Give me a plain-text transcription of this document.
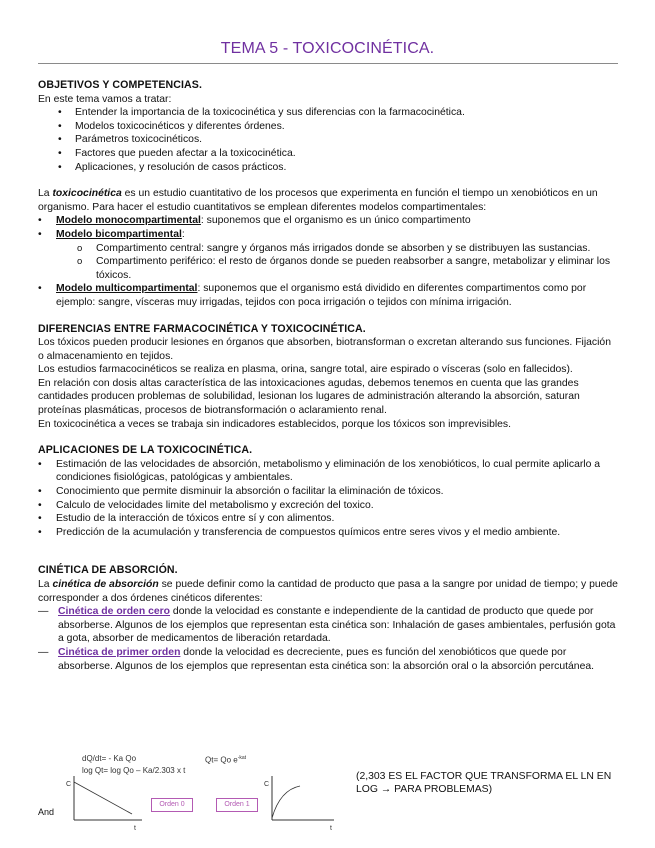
TEMA 5 - TOXICOCINÉTICA.
OBJETIVOS Y COMPETENCIAS.
En este tema vamos a tratar:
• Entender la importancia de la toxicocinética y sus diferencias con la farmacocinética.
• Modelos toxicocinéticos y diferentes órdenes.
• Parámetros toxicocinéticos.
• Factores que pueden afectar a la toxicocinética.
• Aplicaciones, y resolución de casos prácticos.
La toxicocinética es un estudio cuantitativo de los procesos que experimenta en función el tiempo un xenobióticos en un organismo. Para hacer el estudio cuantitativos se emplean diferentes modelos compartimentales:
• Modelo monocompartimental: suponemos que el organismo es un único compartimento
• Modelo bicompartimental:
o Compartimento central: sangre y órganos más irrigados donde se absorben y se distribuyen las sustancias.
o Compartimento periférico: el resto de órganos donde se pueden reabsorber a sangre, metabolizar y eliminar los tóxicos.
• Modelo multicompartimental: suponemos que el organismo está dividido en diferentes compartimentos como por ejemplo: sangre, vísceras muy irrigadas, tejidos con poca irrigación o tejidos con mínima irrigación.
DIFERENCIAS ENTRE FARMACOCINÉTICA Y TOXICOCINÉTICA.
Los tóxicos pueden producir lesiones en órganos que absorben, biotransforman o excretan alterando sus funciones. Fijación o almacenamiento en tejidos.
Los estudios farmacocinéticos se realiza en plasma, orina, sangre total, aire espirado o vísceras (solo en fallecidos).
En relación con dosis altas característica de las intoxicaciones agudas, debemos tenemos en cuenta que las grandes cantidades producen problemas de solubilidad, lesionan los lugares de administración alterando la absorción, saturan proteínas plasmáticas, procesos de biotransformación o aclaramiento renal.
En toxicocinética a veces se trabaja sin indicadores establecidos, porque los tóxicos son imprevisibles.
APLICACIONES DE LA TOXICOCINÉTICA.
• Estimación de las velocidades de absorción, metabolismo y eliminación de los xenobióticos, lo cual permite aplicarlo a condiciones fisiológicas, patológicas y ambientales.
• Conocimiento que permite disminuir la absorción o facilitar la eliminación de tóxicos.
• Calculo de velocidades limite del metabolismo y excreción del toxico.
• Estudio de la interacción de tóxicos entre sí y con alimentos.
• Predicción de la acumulación y transferencia de compuestos químicos entre seres vivos y el medio ambiente.
CINÉTICA DE ABSORCIÓN.
La cinética de absorción se puede definir como la cantidad de producto que pasa a la sangre por unidad de tiempo; y puede corresponder a dos órdenes cinéticos diferentes:
— Cinética de orden cero donde la velocidad es constante e independiente de la cantidad de producto que quede por absorberse. Algunos de los ejemplos que representan esta cinética son: Inhalación de gases ambientales, perfusión gota a gota, absorber de medicamentos de liberación retardada.
— Cinética de primer orden donde la velocidad es decreciente, pues es función del xenobióticos que quede por absorberse. Algunos de los ejemplos que representan esta cinética son: la absorción oral o la absorción percutánea.
dQ/dt= - Ka Qo
log Qt= log Qo – Ka/2.303 x t
Qt= Qo $e^{-kat}$
C
t
Orden 0	Orden 1
C
t
And
(2,303 ES EL FACTOR QUE TRANSFORMA EL LN EN LOG → PARA PROBLEMAS)
